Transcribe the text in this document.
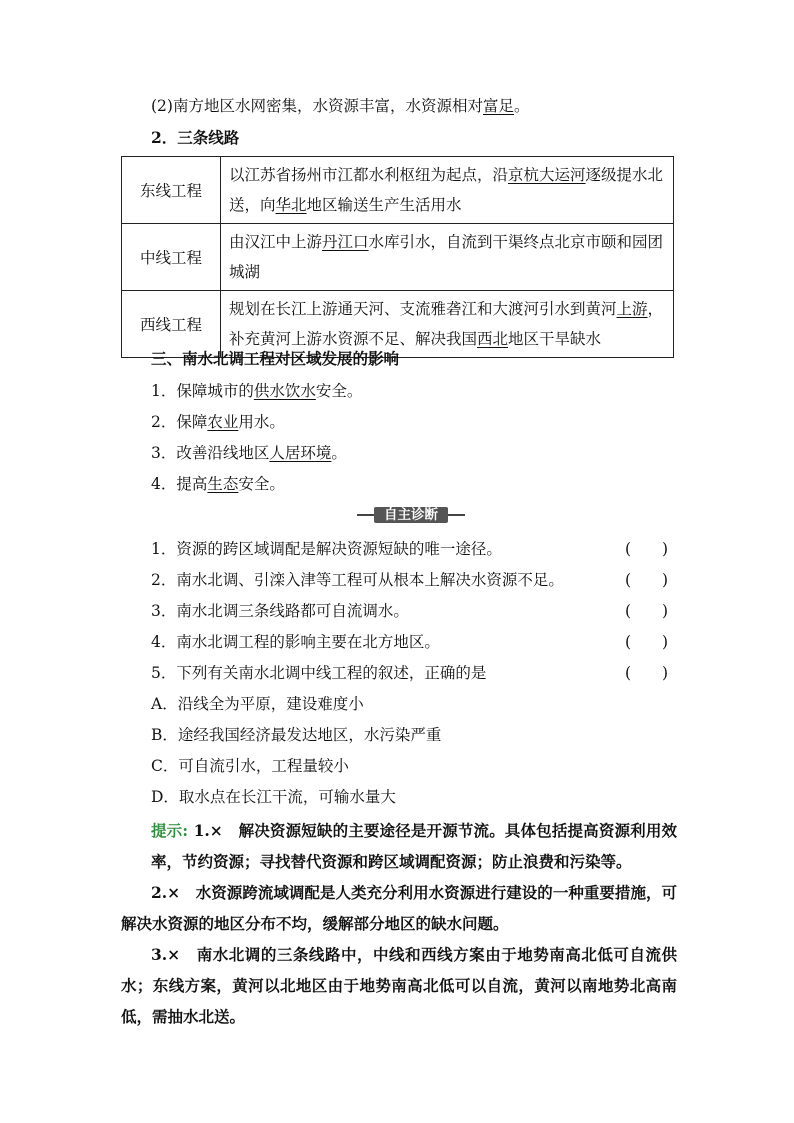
(2)南方地区水网密集，水资源丰富，水资源相对富足。
2．三条线路
东线工程	以江苏省扬州市江都水利枢纽为起点，沿京杭大运河逐级提水北送，向华北地区输送生产生活用水
中线工程	由汉江中上游丹江口水库引水，自流到干渠终点北京市颐和园团城湖
西线工程	规划在长江上游通天河、支流雅砻江和大渡河引水到黄河上游，补充黄河上游水资源不足、解决我国西北地区干旱缺水
三、南水北调工程对区域发展的影响
1．保障城市的供水饮水安全。
2．保障农业用水。
3．改善沿线地区人居环境。
4．提高生态安全。
自主诊断
1．资源的跨区域调配是解决资源短缺的唯一途径。	(　　)
2．南水北调、引滦入津等工程可从根本上解决水资源不足。	(　　)
3．南水北调三条线路都可自流调水。	(　　)
4．南水北调工程的影响主要在北方地区。	(　　)
5．下列有关南水北调中线工程的叙述，正确的是	(　　)
A．沿线全为平原，建设难度小
B．途经我国经济最发达地区，水污染严重
C．可自流引水，工程量较小
D．取水点在长江干流，可输水量大
提示: 1.×　解决资源短缺的主要途径是开源节流。具体包括提高资源利用效率，节约资源；寻找替代资源和跨区域调配资源；防止浪费和污染等。
2.×　水资源跨流域调配是人类充分利用水资源进行建设的一种重要措施，可解决水资源的地区分布不均，缓解部分地区的缺水问题。
3.×　南水北调的三条线路中，中线和西线方案由于地势南高北低可自流供水；东线方案，黄河以北地区由于地势南高北低可以自流，黄河以南地势北高南低，需抽水北送。
